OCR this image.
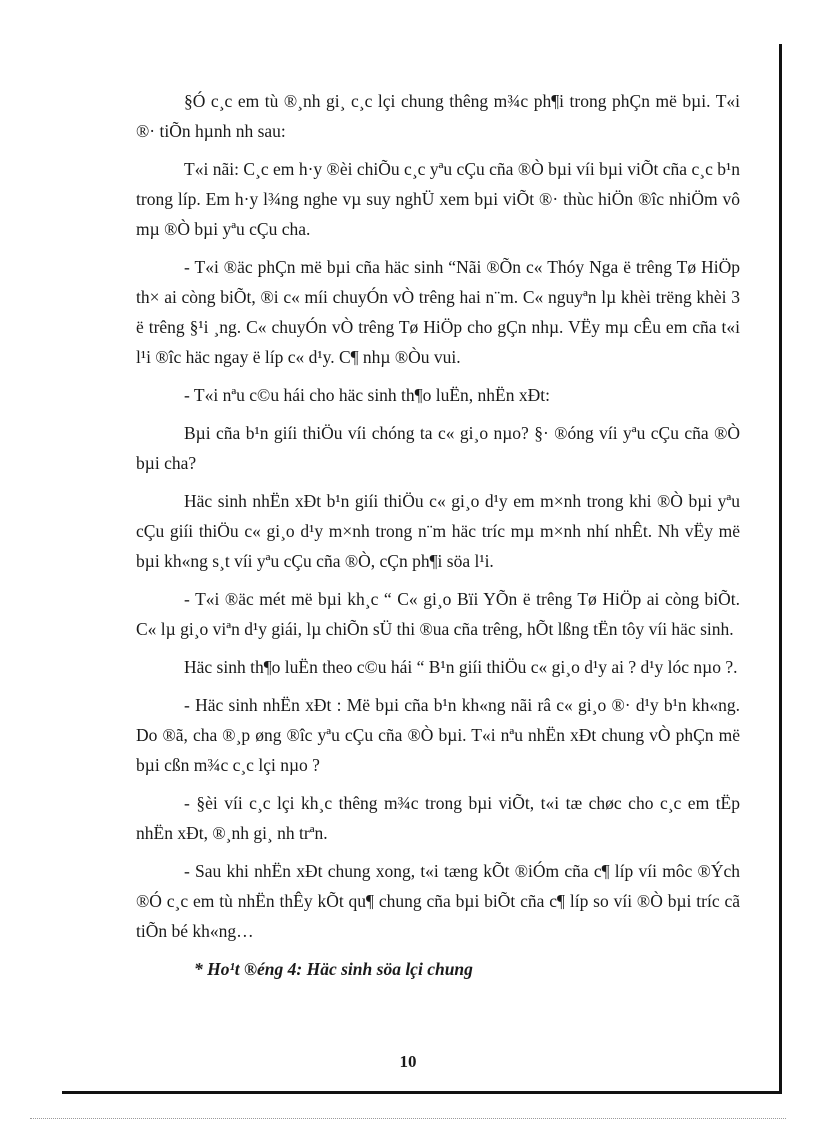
§Ó c¸c em tù ®¸nh gi¸ c¸c lçi chung thêng m¾c ph¶i trong phÇn më bµi. T«i ®· tiÕn hµnh nh sau:

T«i nãi: C¸c em h·y ®èi chiÕu c¸c yªu cÇu cña ®Ò bµi víi bµi viÕt cña c¸c b¹n trong líp. Em h·y l¾ng nghe vµ suy nghÜ xem bµi viÕt ®· thùc hiÖn ®îc nhiÖm vô mµ ®Ò bµi yªu cÇu cha.

- T«i ®äc phÇn më bµi cña häc sinh “Nãi ®Õn c« Thóy Nga ë trêng Tø HiÖp th× ai còng biÕt, ®i c« míi chuyÓn vÒ trêng hai n¨m. C« nguyªn lµ khèi trëng khèi 3 ë trêng §¹i ¸ng. C« chuyÓn vÒ trêng Tø HiÖp cho gÇn nhµ. VËy mµ cÊu em cña t«i l¹i ®îc häc ngay ë líp c« d¹y. C¶ nhµ ®Òu vui.

- T«i nªu c©u hái cho häc sinh th¶o luËn, nhËn xÐt:

Bµi cña b¹n giíi thiÖu víi chóng ta c« gi¸o nµo? §· ®óng víi yªu cÇu cña ®Ò bµi cha?

Häc sinh nhËn xÐt b¹n giíi thiÖu c« gi¸o d¹y em m×nh trong khi ®Ò bµi yªu cÇu giíi thiÖu c« gi¸o d¹y m×nh trong n¨m häc tríc mµ m×nh nhí nhÊt. Nh vËy më bµi kh«ng s¸t víi yªu cÇu cña ®Ò, cÇn ph¶i söa l¹i.

- T«i ®äc mét më bµi kh¸c “ C« gi¸o Bïi YÕn ë trêng Tø HiÖp ai còng biÕt. C« lµ gi¸o viªn d¹y giái, lµ chiÕn sÜ thi ®ua cña trêng, hÕt lßng tËn tôy víi häc sinh.

Häc sinh th¶o luËn theo c©u hái “ B¹n giíi thiÖu c« gi¸o d¹y ai ? d¹y lóc nµo ?.

- Häc sinh nhËn xÐt : Më bµi cña b¹n kh«ng nãi râ c« gi¸o ®· d¹y b¹n kh«ng. Do ®ã, cha ®¸p øng ®îc yªu cÇu cña ®Ò bµi. T«i nªu nhËn xÐt chung vÒ phÇn më bµi cßn m¾c c¸c lçi nµo ?

- §èi víi c¸c lçi kh¸c thêng m¾c trong bµi viÕt, t«i tæ chøc cho c¸c em tËp nhËn xÐt, ®¸nh gi¸ nh trªn.

- Sau khi nhËn xÐt chung xong, t«i tæng kÕt ®iÓm cña c¶ líp víi môc ®Ých ®Ó c¸c em tù nhËn thÊy kÕt qu¶ chung cña bµi biÕt cña c¶ líp so víi ®Ò bµi tríc cã tiÕn bé kh«ng…

* Ho¹t ®éng 4: Häc sinh söa lçi chung

10
